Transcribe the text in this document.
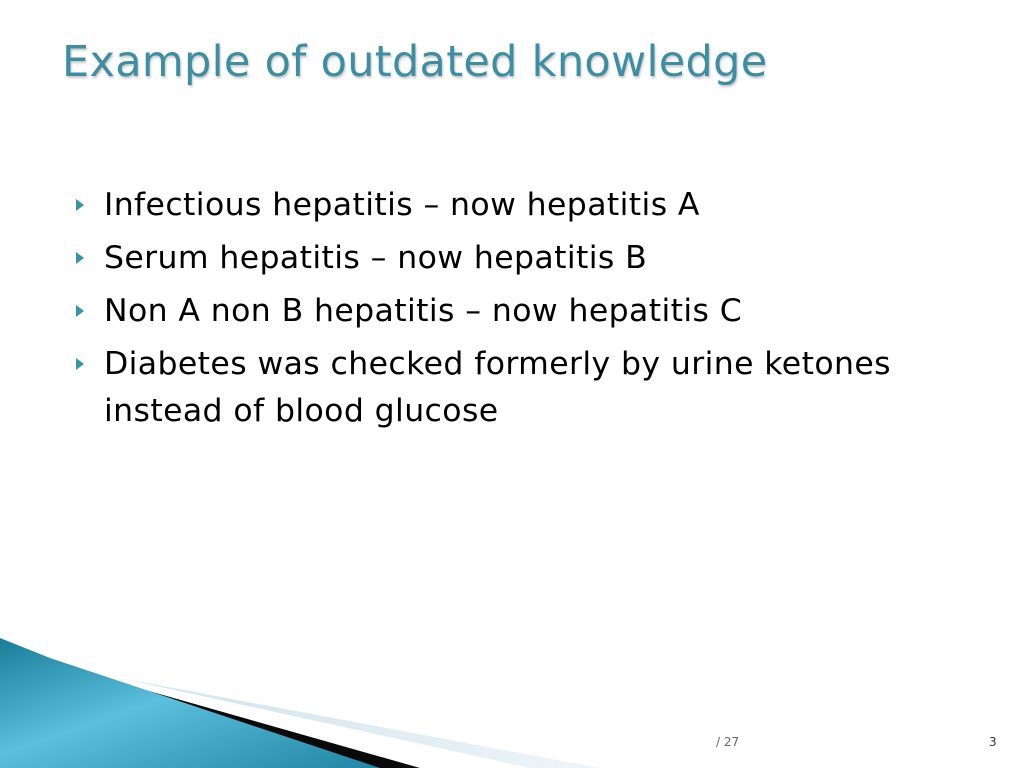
Example of outdated knowledge
Infectious hepatitis – now hepatitis A
Serum hepatitis – now hepatitis B
Non A non B hepatitis – now hepatitis C
Diabetes was checked formerly by urine ketones instead of blood glucose
/ 27	3
